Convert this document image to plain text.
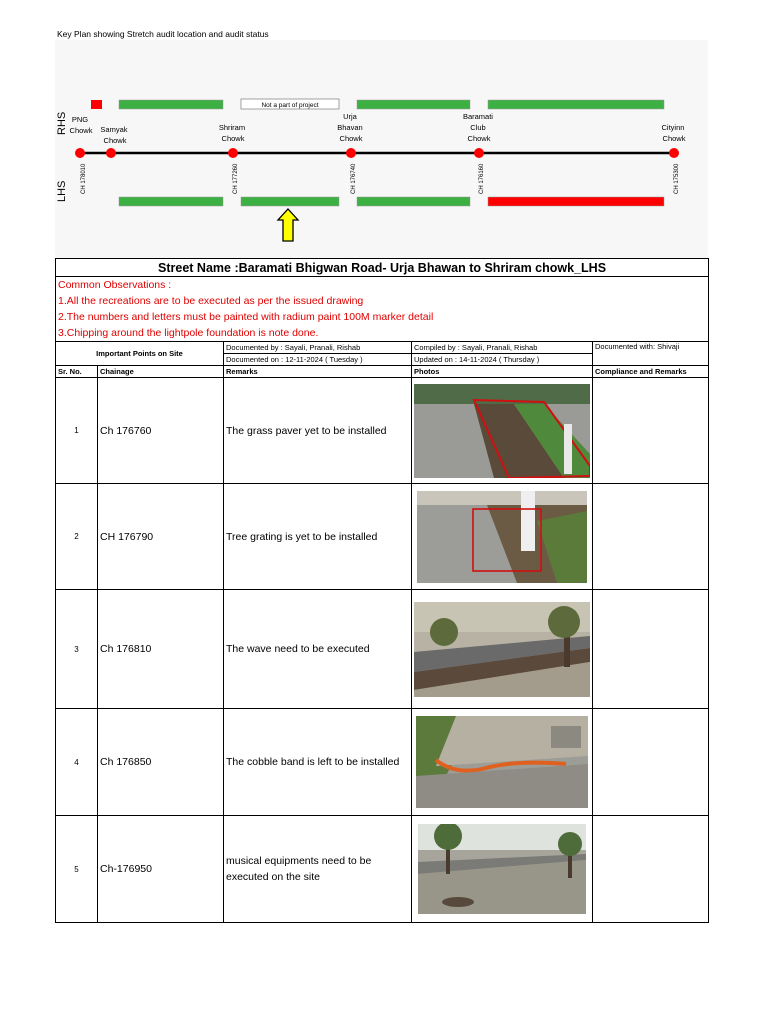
Key Plan showing Stretch audit location and audit status
Not a part of project
RHS
LHS
PNG Chowk Samyak Chowk
Shriram Chowk
Urja Bhavan Chowk
Baramati Club Chowk
Cityinn Chowk
CH 178010	CH 177260	CH 176740	CH 176160	CH 175300
Street Name :Baramati Bhigwan Road- Urja Bhawan to Shriram chowk_LHS				

Common Observations :
1.All the recreations are to be executed as per the issued drawing
2.The numbers and letters must be painted with radium paint 100M marker detail
3.Chipping around the lightpole foundation is note done.				

Important Points on Site		Documented by : Sayali, Pranali, Rishab	Compiled by : Sayali, Pranali, Rishab	Documented with: Shivaji
		Documented on : 12-11-2024 ( Tuesday )	Updated on : 14-11-2024 ( Thursday )	
Sr. No.	Chainage	Remarks	Photos	Compliance and Remarks
1	Ch 176760	The grass paver yet to be installed	

2	CH 176790	Tree grating is yet to be installed	

3	Ch 176810	The wave need to be executed	

4	Ch 176850	The cobble band is left to be installed	

5	Ch-176950	musical equipments need to be executed on the site	
